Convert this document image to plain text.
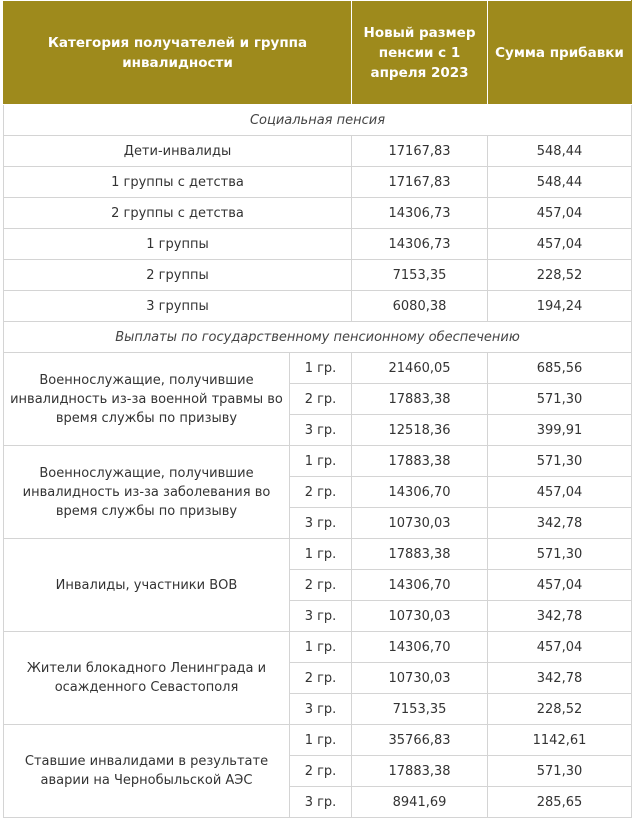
Категория получателей и группа инвалидности		Новый размер пенсии с 1 апреля 2023	Сумма прибавки
Социальная пенсия			
Дети-инвалиды		17167,83	548,44
1 группы с детства		17167,83	548,44
2 группы с детства		14306,73	457,04
1 группы		14306,73	457,04
2 группы		7153,35	228,52
3 группы		6080,38	194,24
Выплаты по государственному пенсионному обеспечению			
Военнослужащие, получившие инвалидность из-за военной травмы во время службы по призыву	1 гр.	21460,05	685,56
	2 гр.	17883,38	571,30
	3 гр.	12518,36	399,91
Военнослужащие, получившие инвалидность из-за заболевания во время службы по призыву	1 гр.	17883,38	571,30
	2 гр.	14306,70	457,04
	3 гр.	10730,03	342,78
Инвалиды, участники ВОВ	1 гр.	17883,38	571,30
	2 гр.	14306,70	457,04
	3 гр.	10730,03	342,78
Жители блокадного Ленинграда и осажденного Севастополя	1 гр.	14306,70	457,04
	2 гр.	10730,03	342,78
	3 гр.	7153,35	228,52
Ставшие инвалидами в результате аварии на Чернобыльской АЭС	1 гр.	35766,83	1142,61
	2 гр.	17883,38	571,30
	3 гр.	8941,69	285,65
